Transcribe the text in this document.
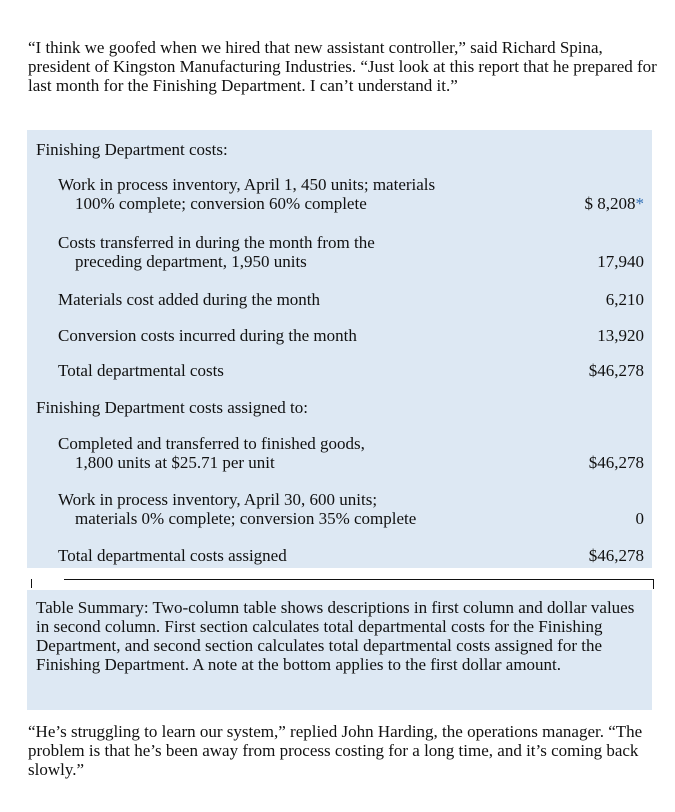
“I think we goofed when we hired that new assistant controller,” said Richard Spina, president of Kingston Manufacturing Industries. “Just look at this report that he prepared for last month for the Finishing Department. I can’t understand it.”

Finishing Department costs:
Work in process inventory, April 1, 450 units; materials
100% complete; conversion 60% complete	$ 8,208*
Costs transferred in during the month from the
preceding department, 1,950 units	17,940
Materials cost added during the month	6,210
Conversion costs incurred during the month	13,920
Total departmental costs	$46,278
Finishing Department costs assigned to:
Completed and transferred to finished goods,
1,800 units at $25.71 per unit	$46,278
Work in process inventory, April 30, 600 units;
materials 0% complete; conversion 35% complete	0
Total departmental costs assigned	$46,278

Table Summary: Two-column table shows descriptions in first column and dollar values in second column. First section calculates total departmental costs for the Finishing Department, and second section calculates total departmental costs assigned for the Finishing Department. A note at the bottom applies to the first dollar amount.

“He’s struggling to learn our system,” replied John Harding, the operations manager. “The problem is that he’s been away from process costing for a long time, and it’s coming back slowly.”
